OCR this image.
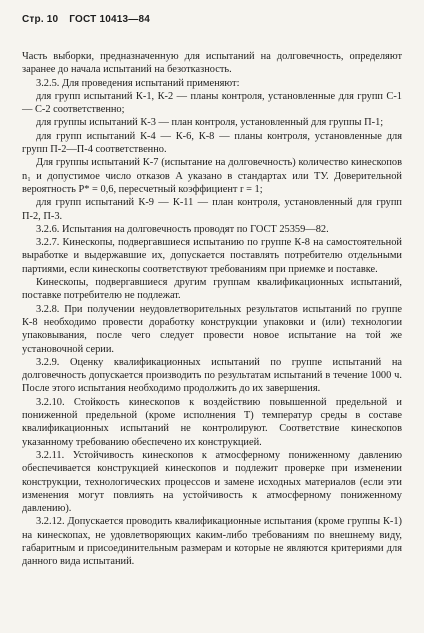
Стр. 10 ГОСТ 10413—84

Часть выборки, предназначенную для испытаний на долговечность, определяют заранее до начала испытаний на безотказность.

3.2.5. Для проведения испытаний применяют:

для групп испытаний К-1, К-2 — планы контроля, установленные для групп С-1 — С-2 соответственно;

для группы испытаний К-3 — план контроля, установленный для группы П-1;

для групп испытаний К-4 — К-6, К-8 — планы контроля, установленные для групп П-2—П-4 соответственно.

Для группы испытаний К-7 (испытание на долговечность) количество кинескопов n₁ и допустимое число отказов A указано в стандартах или ТУ. Доверительной вероятность P* = 0,6, пересчетный коэффициент r = 1;

для групп испытаний К-9 — К-11 — план контроля, установленный для групп П-2, П-3.

3.2.6. Испытания на долговечность проводят по ГОСТ 25359—82.

3.2.7. Кинескопы, подвергавшиеся испытанию по группе К-8 на самостоятельной выработке и выдержавшие их, допускается поставлять потребителю отдельными партиями, если кинескопы соответствуют требованиям при приемке и поставке.

Кинескопы, подвергавшиеся другим группам квалификационных испытаний, поставке потребителю не подлежат.

3.2.8. При получении неудовлетворительных результатов испытаний по группе К-8 необходимо провести доработку конструкции упаковки и (или) технологии упаковывания, после чего следует провести новое испытание на той же установочной серии.

3.2.9. Оценку квалификационных испытаний по группе испытаний на долговечность допускается производить по результатам испытаний в течение 1000 ч. После этого испытания необходимо продолжить до их завершения.

3.2.10. Стойкость кинескопов к воздействию повышенной предельной и пониженной предельной (кроме исполнения Т) температур среды в составе квалификационных испытаний не контролируют. Соответствие кинескопов указанному требованию обеспечено их конструкцией.

3.2.11. Устойчивость кинескопов к атмосферному пониженному давлению обеспечивается конструкцией кинескопов и подлежит проверке при изменении конструкции, технологических процессов и замене исходных материалов (если эти изменения могут повлиять на устойчивость к атмосферному пониженному давлению).

3.2.12. Допускается проводить квалификационные испытания (кроме группы К-1) на кинескопах, не удовлетворяющих каким-либо требованиям по внешнему виду, габаритным и присоединительным размерам и которые не являются критериями для данного вида испытаний.
